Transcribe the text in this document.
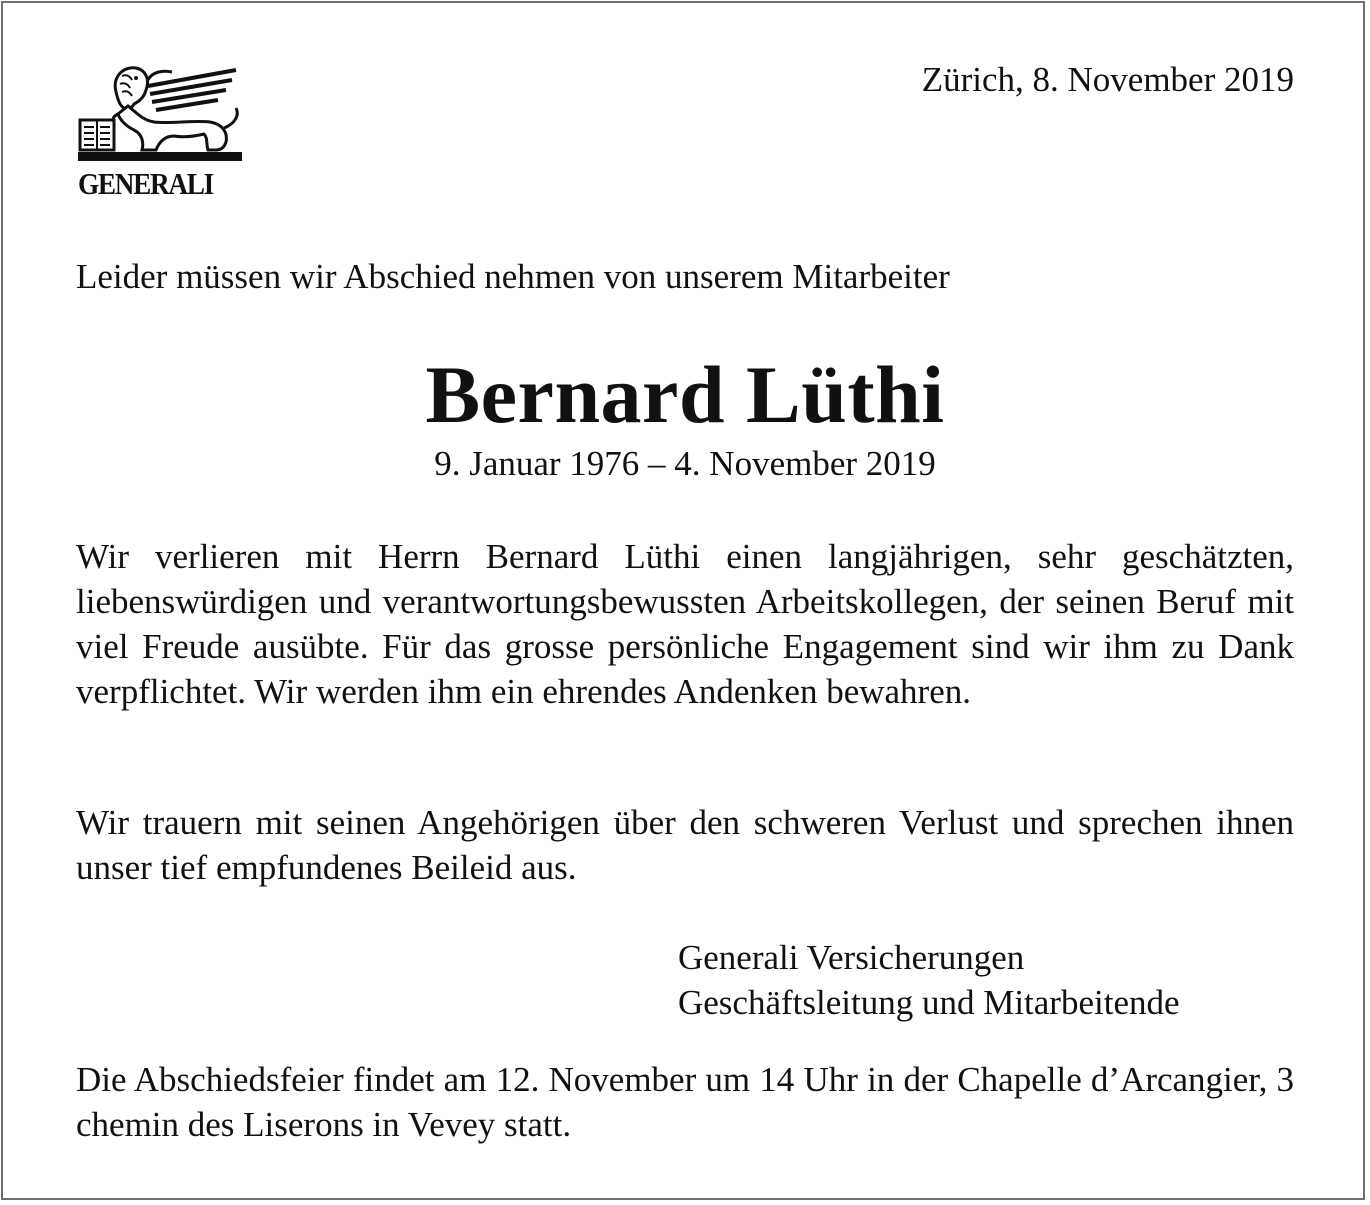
GENERALI
Zürich, 8. November 2019
Leider müssen wir Abschied nehmen von unserem Mitarbeiter
Bernard Lüthi
9. Januar 1976 – 4. November 2019

Wir verlieren mit Herrn Bernard Lüthi einen langjährigen, sehr geschätzten, liebenswürdigen und verantwortungsbewussten Arbeitskollegen, der seinen Beruf mit viel Freude ausübte. Für das grosse persönliche Engagement sind wir ihm zu Dank verpflichtet. Wir werden ihm ein ehrendes Andenken bewahren.

Wir trauern mit seinen Angehörigen über den schweren Verlust und sprechen ihnen unser tief empfundenes Beileid aus.

Generali Versicherungen
Geschäftsleitung und Mitarbeitende

Die Abschiedsfeier findet am 12. November um 14 Uhr in der Chapelle d’Arcangier, 3 chemin des Liserons in Vevey statt.
